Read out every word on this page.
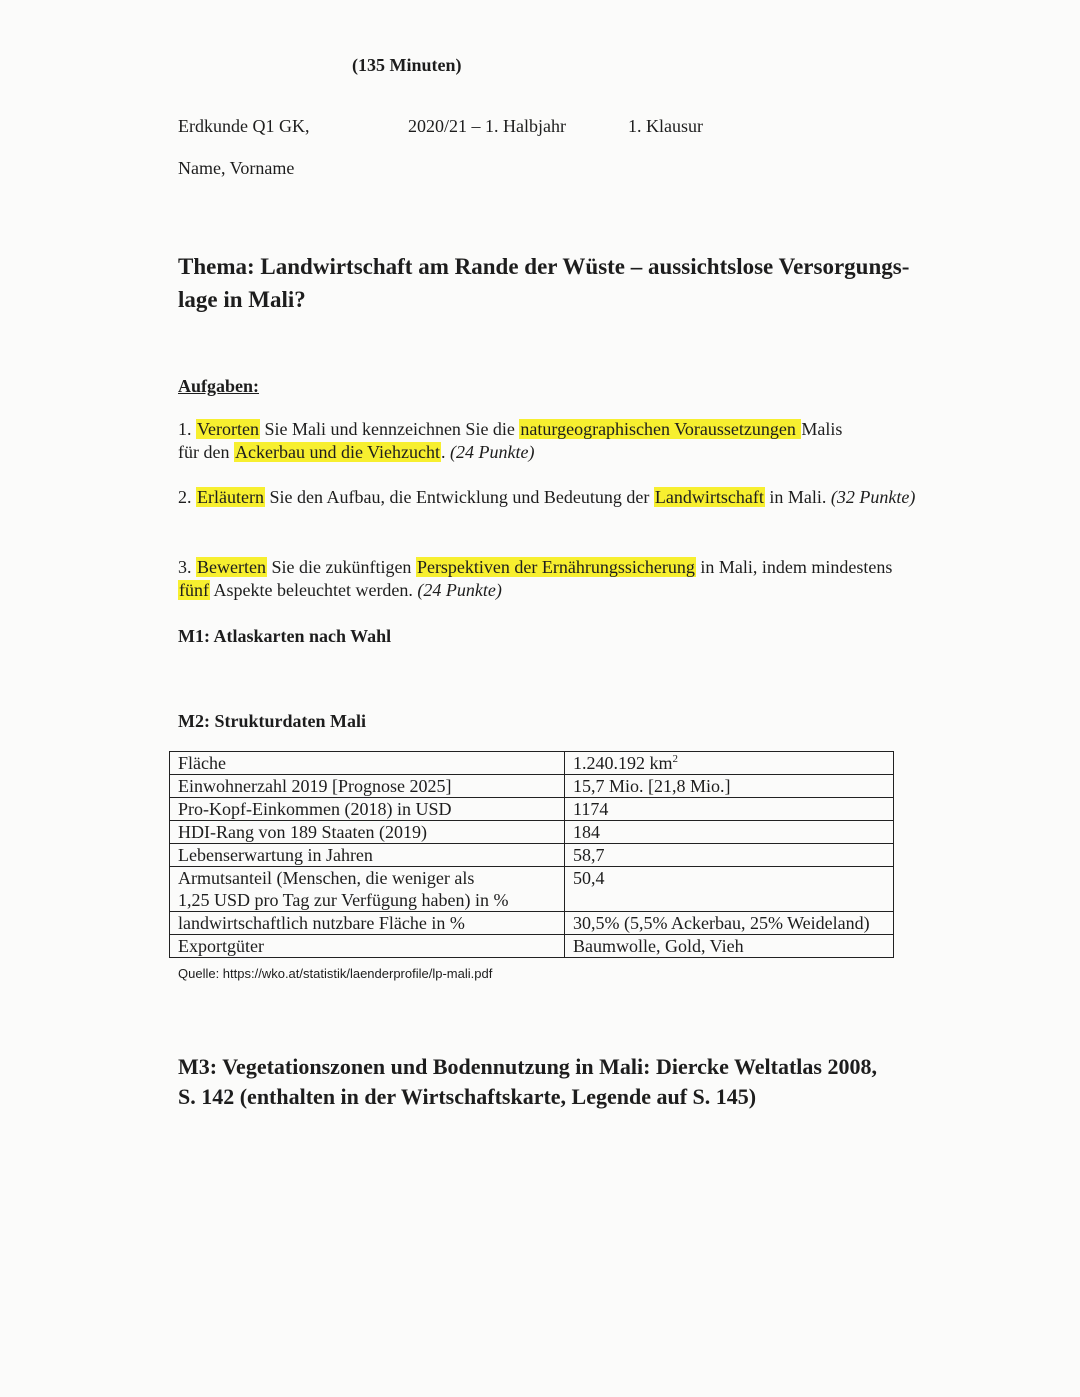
(135 Minuten)
Erdkunde Q1 GK,	2020/21 – 1. Halbjahr	1. Klausur
Name, Vorname
Thema: Landwirtschaft am Rande der Wüste – aussichtslose Versorgungs-
lage in Mali?
Aufgaben:
1. Verorten Sie Mali und kennzeichnen Sie die naturgeographischen Voraussetzungen Malis
für den Ackerbau und die Viehzucht. (24 Punkte)
2. Erläutern Sie den Aufbau, die Entwicklung und Bedeutung der Landwirtschaft in Mali. (32 Punkte)
3. Bewerten Sie die zukünftigen Perspektiven der Ernährungssicherung in Mali, indem mindestens
fünf Aspekte beleuchtet werden. (24 Punkte)
M1: Atlaskarten nach Wahl
M2: Strukturdaten Mali
Fläche	1.240.192 $km^2$
Einwohnerzahl 2019 [Prognose 2025]	15,7 Mio. [21,8 Mio.]
Pro-Kopf-Einkommen (2018) in USD	1174
HDI-Rang von 189 Staaten (2019)	184
Lebenserwartung in Jahren	58,7
Armutsanteil (Menschen, die weniger als
1,25 USD pro Tag zur Verfügung haben) in %	50,4
landwirtschaftlich nutzbare Fläche in %	30,5% (5,5% Ackerbau, 25% Weideland)
Exportgüter	Baumwolle, Gold, Vieh
Quelle: https://wko.at/statistik/laenderprofile/lp-mali.pdf
M3: Vegetationszonen und Bodennutzung in Mali: Diercke Weltatlas 2008,
S. 142 (enthalten in der Wirtschaftskarte, Legende auf S. 145)
